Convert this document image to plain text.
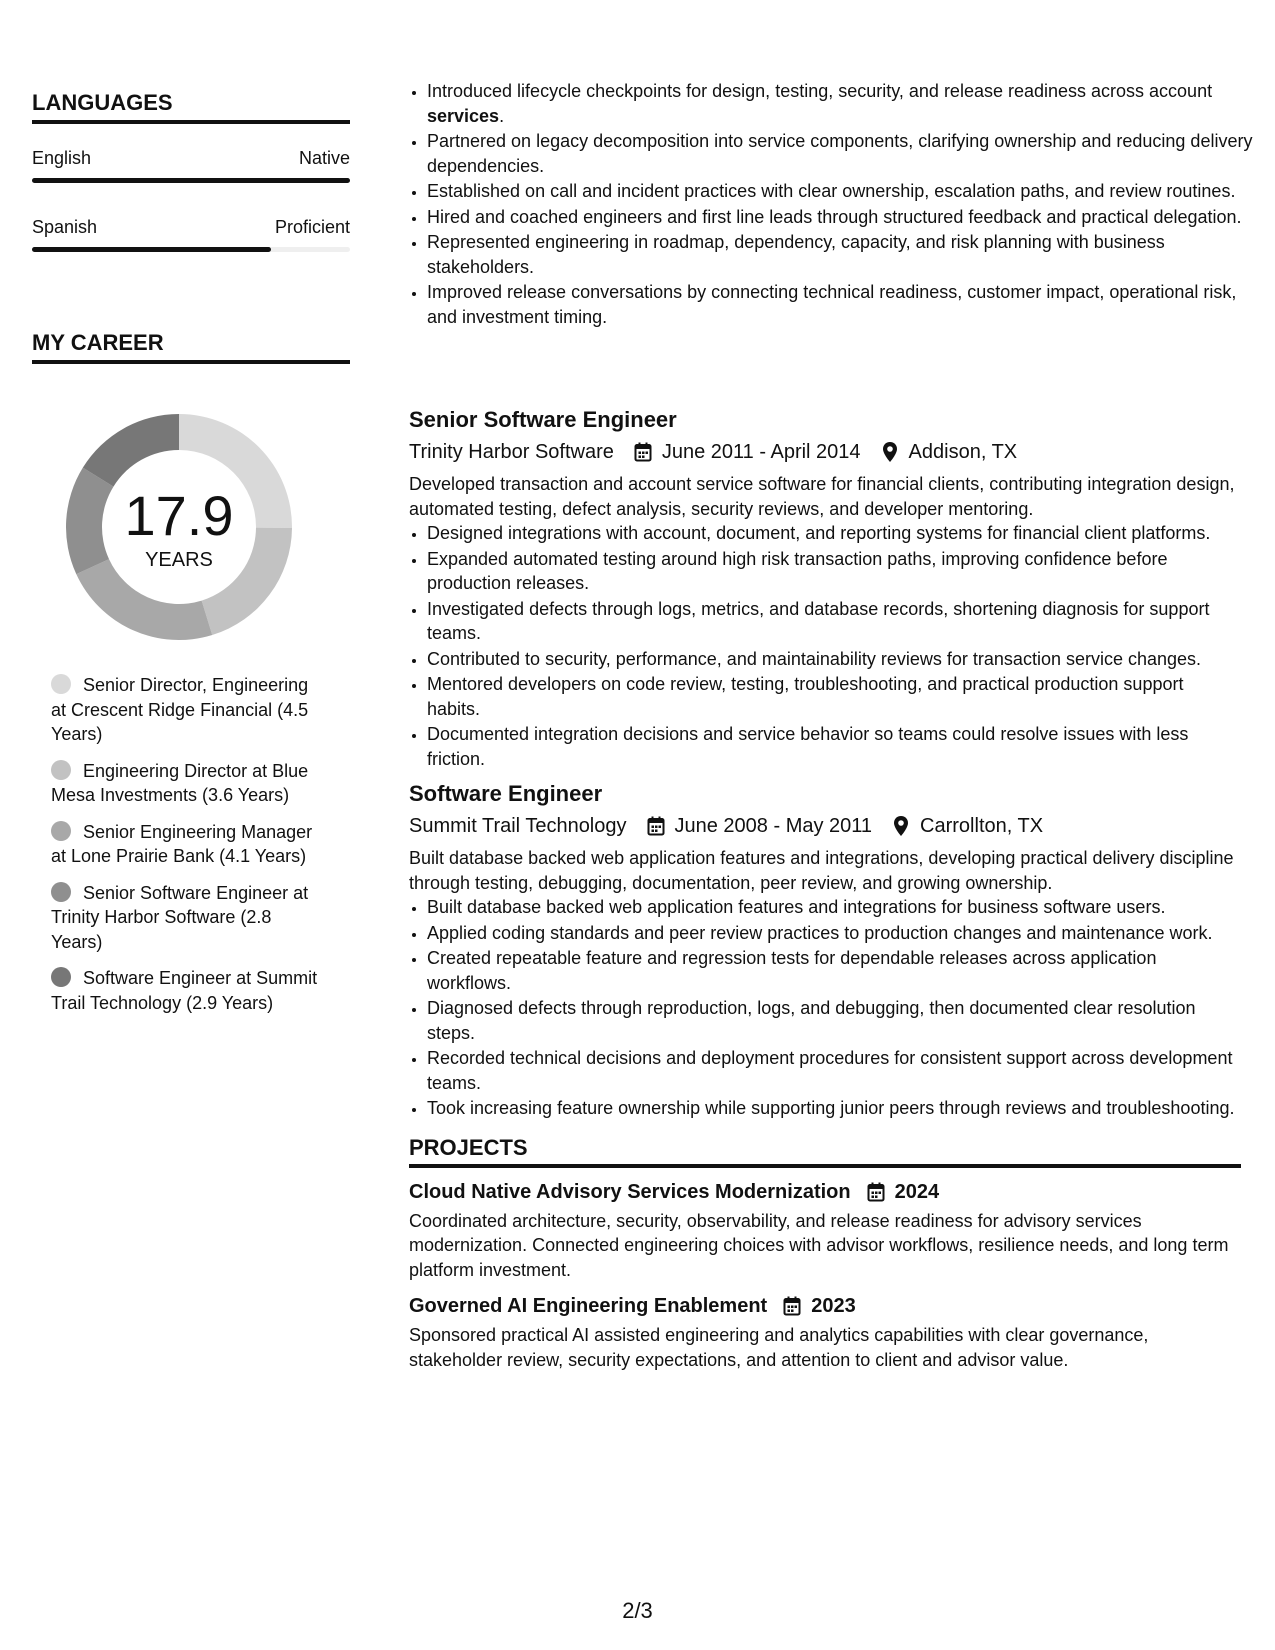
LANGUAGES
English	Native
Spanish	Proficient
MY CAREER
17.9
YEARS
Senior Director, Engineering at Crescent Ridge Financial (4.5 Years)
Engineering Director at Blue Mesa Investments (3.6 Years)
Senior Engineering Manager at Lone Prairie Bank (4.1 Years)
Senior Software Engineer at Trinity Harbor Software (2.8 Years)
Software Engineer at Summit Trail Technology (2.9 Years)
• Introduced lifecycle checkpoints for design, testing, security, and release readiness across account services.
• Partnered on legacy decomposition into service components, clarifying ownership and reducing delivery dependencies.
• Established on call and incident practices with clear ownership, escalation paths, and review routines.
• Hired and coached engineers and first line leads through structured feedback and practical delegation.
• Represented engineering in roadmap, dependency, capacity, and risk planning with business stakeholders.
• Improved release conversations by connecting technical readiness, customer impact, operational risk, and investment timing.
Senior Software Engineer
Trinity Harbor Software June 2011 - April 2014 Addison, TX
Developed transaction and account service software for financial clients, contributing integration design, automated testing, defect analysis, security reviews, and developer mentoring.
• Designed integrations with account, document, and reporting systems for financial client platforms.
• Expanded automated testing around high risk transaction paths, improving confidence before production releases.
• Investigated defects through logs, metrics, and database records, shortening diagnosis for support teams.
• Contributed to security, performance, and maintainability reviews for transaction service changes.
• Mentored developers on code review, testing, troubleshooting, and practical production support habits.
• Documented integration decisions and service behavior so teams could resolve issues with less friction.
Software Engineer
Summit Trail Technology June 2008 - May 2011 Carrollton, TX
Built database backed web application features and integrations, developing practical delivery discipline through testing, debugging, documentation, peer review, and growing ownership.
• Built database backed web application features and integrations for business software users.
• Applied coding standards and peer review practices to production changes and maintenance work.
• Created repeatable feature and regression tests for dependable releases across application workflows.
• Diagnosed defects through reproduction, logs, and debugging, then documented clear resolution steps.
• Recorded technical decisions and deployment procedures for consistent support across development teams.
• Took increasing feature ownership while supporting junior peers through reviews and troubleshooting.
PROJECTS
Cloud Native Advisory Services Modernization 2024
Coordinated architecture, security, observability, and release readiness for advisory services modernization. Connected engineering choices with advisor workflows, resilience needs, and long term platform investment.
Governed AI Engineering Enablement 2023
Sponsored practical AI assisted engineering and analytics capabilities with clear governance, stakeholder review, security expectations, and attention to client and advisor value.
2/3
